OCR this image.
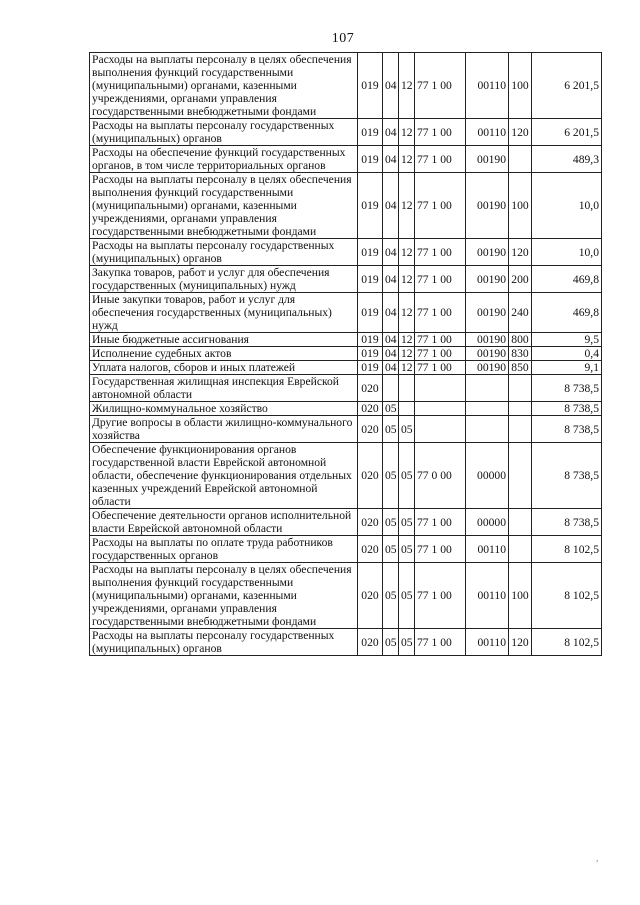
107
Расходы на выплаты персоналу в целях обеспечения выполнения функций государственными (муниципальными) органами, казенными учреждениями, органами управления государственными внебюджетными фондами	019	04	12	77 1 00	00110	100	6 201,5
Расходы на выплаты персоналу государственных (муниципальных) органов	019	04	12	77 1 00	00110	120	6 201,5
Расходы на обеспечение функций государственных органов, в том числе территориальных органов	019	04	12	77 1 00	00190		489,3
Расходы на выплаты персоналу в целях обеспечения выполнения функций государственными (муниципальными) органами, казенными учреждениями, органами управления государственными внебюджетными фондами	019	04	12	77 1 00	00190	100	10,0
Расходы на выплаты персоналу государственных (муниципальных) органов	019	04	12	77 1 00	00190	120	10,0
Закупка товаров, работ и услуг для обеспечения государственных (муниципальных) нужд	019	04	12	77 1 00	00190	200	469,8
Иные закупки товаров, работ и услуг для обеспечения государственных (муниципальных) нужд	019	04	12	77 1 00	00190	240	469,8
Иные бюджетные ассигнования	019	04	12	77 1 00	00190	800	9,5
Исполнение судебных актов	019	04	12	77 1 00	00190	830	0,4
Уплата налогов, сборов и иных платежей	019	04	12	77 1 00	00190	850	9,1
Государственная жилищная инспекция Еврейской автономной области	020						8 738,5
Жилищно-коммунальное хозяйство	020	05					8 738,5
Другие вопросы в области жилищно-коммунального хозяйства	020	05	05				8 738,5
Обеспечение функционирования органов государственной власти Еврейской автономной области, обеспечение функционирования отдельных казенных учреждений Еврейской автономной области	020	05	05	77 0 00	00000		8 738,5
Обеспечение деятельности органов исполнительной власти Еврейской автономной области	020	05	05	77 1 00	00000		8 738,5
Расходы на выплаты по оплате труда работников государственных органов	020	05	05	77 1 00	00110		8 102,5
Расходы на выплаты персоналу в целях обеспечения выполнения функций государственными (муниципальными) органами, казенными учреждениями, органами управления государственными внебюджетными фондами	020	05	05	77 1 00	00110	100	8 102,5
Расходы на выплаты персоналу государственных (муниципальных) органов	020	05	05	77 1 00	00110	120	8 102,5
,
